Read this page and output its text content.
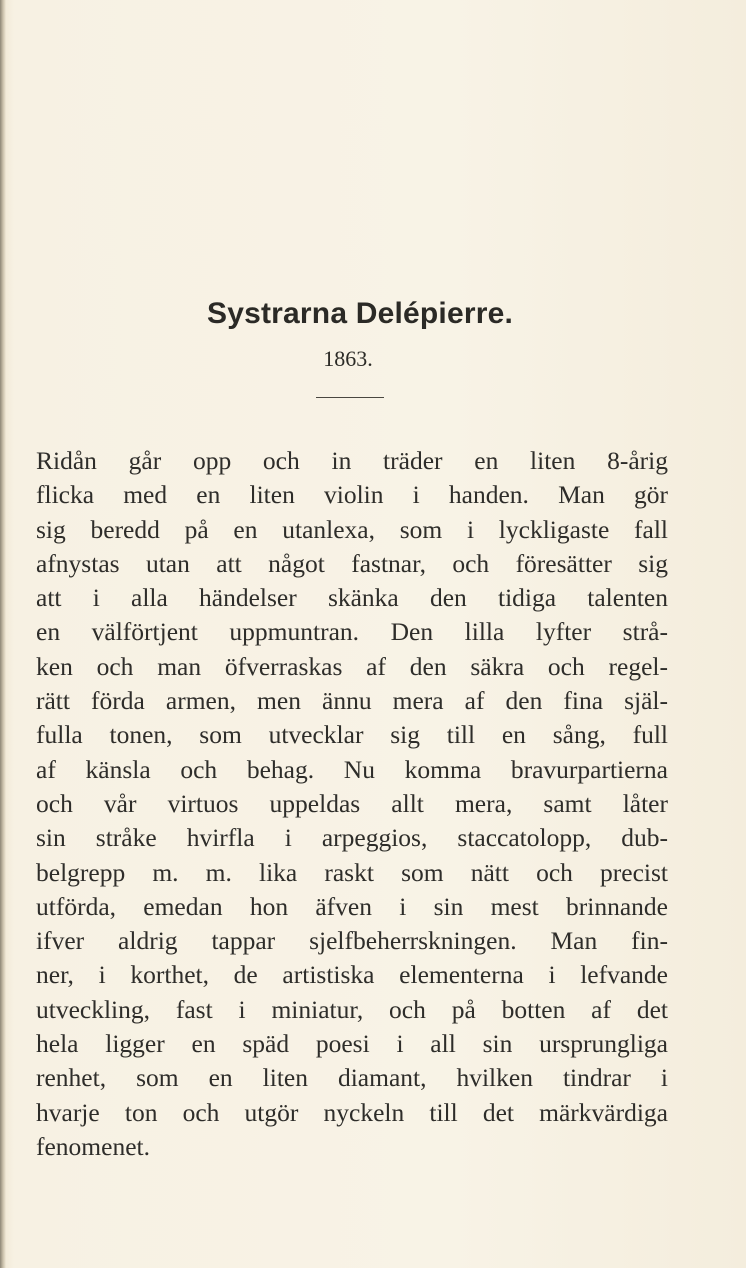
Systrarna Delépierre.
1863.
Ridån går opp och in träder en liten 8-årig
flicka med en liten violin i handen. Man gör
sig beredd på en utanlexa, som i lyckligaste fall
afnystas utan att något fastnar, och föresätter sig
att i alla händelser skänka den tidiga talenten
en välförtjent uppmuntran. Den lilla lyfter strå-
ken och man öfverraskas af den säkra och regel-
rätt förda armen, men ännu mera af den fina själ-
fulla tonen, som utvecklar sig till en sång, full
af känsla och behag. Nu komma bravurpartierna
och vår virtuos uppeldas allt mera, samt låter
sin stråke hvirfla i arpeggios, staccatolopp, dub-
belgrepp m. m. lika raskt som nätt och precist
utförda, emedan hon äfven i sin mest brinnande
ifver aldrig tappar sjelfbeherrskningen. Man fin-
ner, i korthet, de artistiska elementerna i lefvande
utveckling, fast i miniatur, och på botten af det
hela ligger en späd poesi i all sin ursprungliga
renhet, som en liten diamant, hvilken tindrar i
hvarje ton och utgör nyckeln till det märkvärdiga
fenomenet.
